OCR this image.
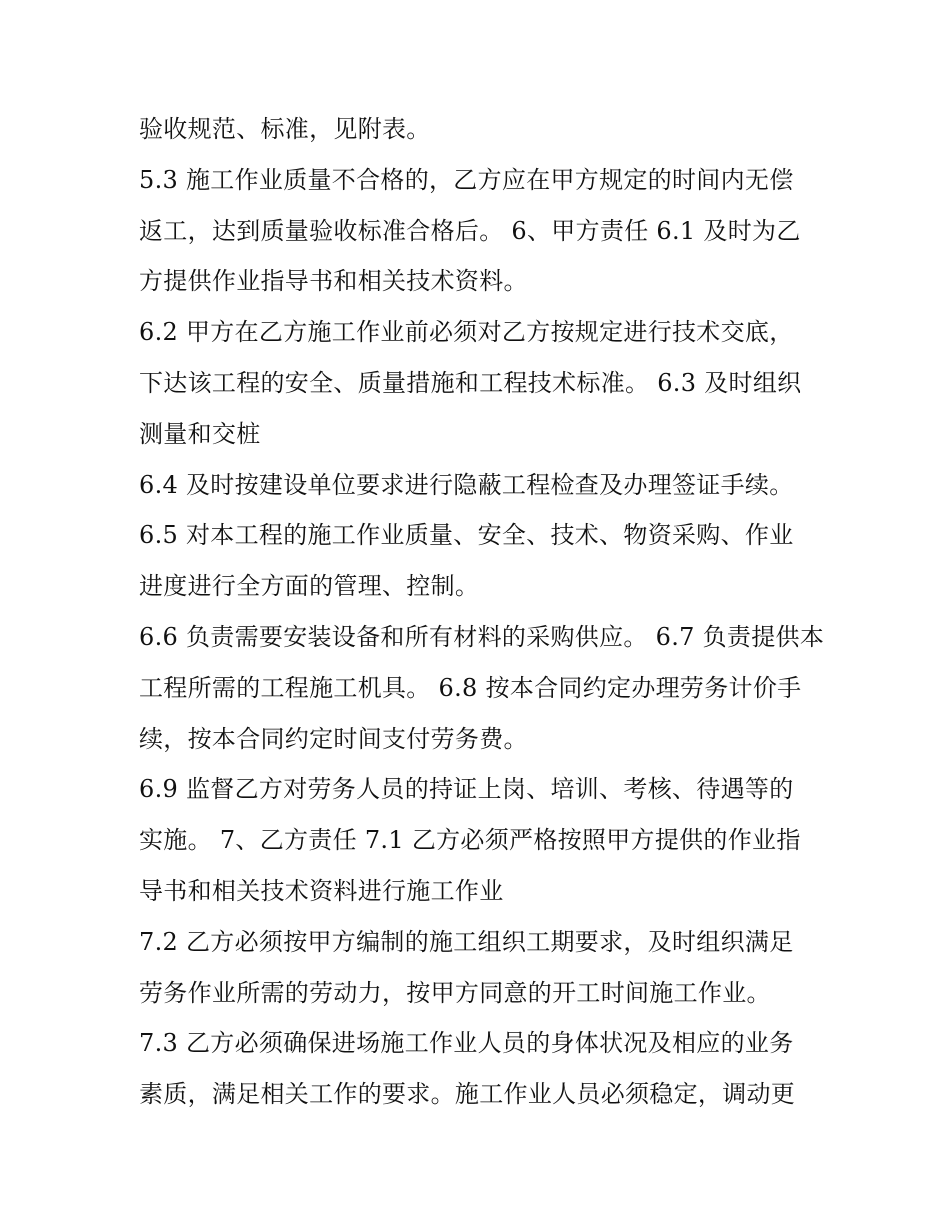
验收规范、标准，见附表。
5.3 施工作业质量不合格的，乙方应在甲方规定的时间内无偿
返工，达到质量验收标准合格后。 6、甲方责任 6.1 及时为乙
方提供作业指导书和相关技术资料。
6.2 甲方在乙方施工作业前必须对乙方按规定进行技术交底，
下达该工程的安全、质量措施和工程技术标准。 6.3 及时组织
测量和交桩
6.4 及时按建设单位要求进行隐蔽工程检查及办理签证手续。
6.5 对本工程的施工作业质量、安全、技术、物资采购、作业
进度进行全方面的管理、控制。
6.6 负责需要安装设备和所有材料的采购供应。 6.7 负责提供本
工程所需的工程施工机具。 6.8 按本合同约定办理劳务计价手
续，按本合同约定时间支付劳务费。
6.9 监督乙方对劳务人员的持证上岗、培训、考核、待遇等的
实施。 7、乙方责任 7.1 乙方必须严格按照甲方提供的作业指
导书和相关技术资料进行施工作业
7.2 乙方必须按甲方编制的施工组织工期要求，及时组织满足
劳务作业所需的劳动力，按甲方同意的开工时间施工作业。
7.3 乙方必须确保进场施工作业人员的身体状况及相应的业务
素质，满足相关工作的要求。施工作业人员必须稳定，调动更
